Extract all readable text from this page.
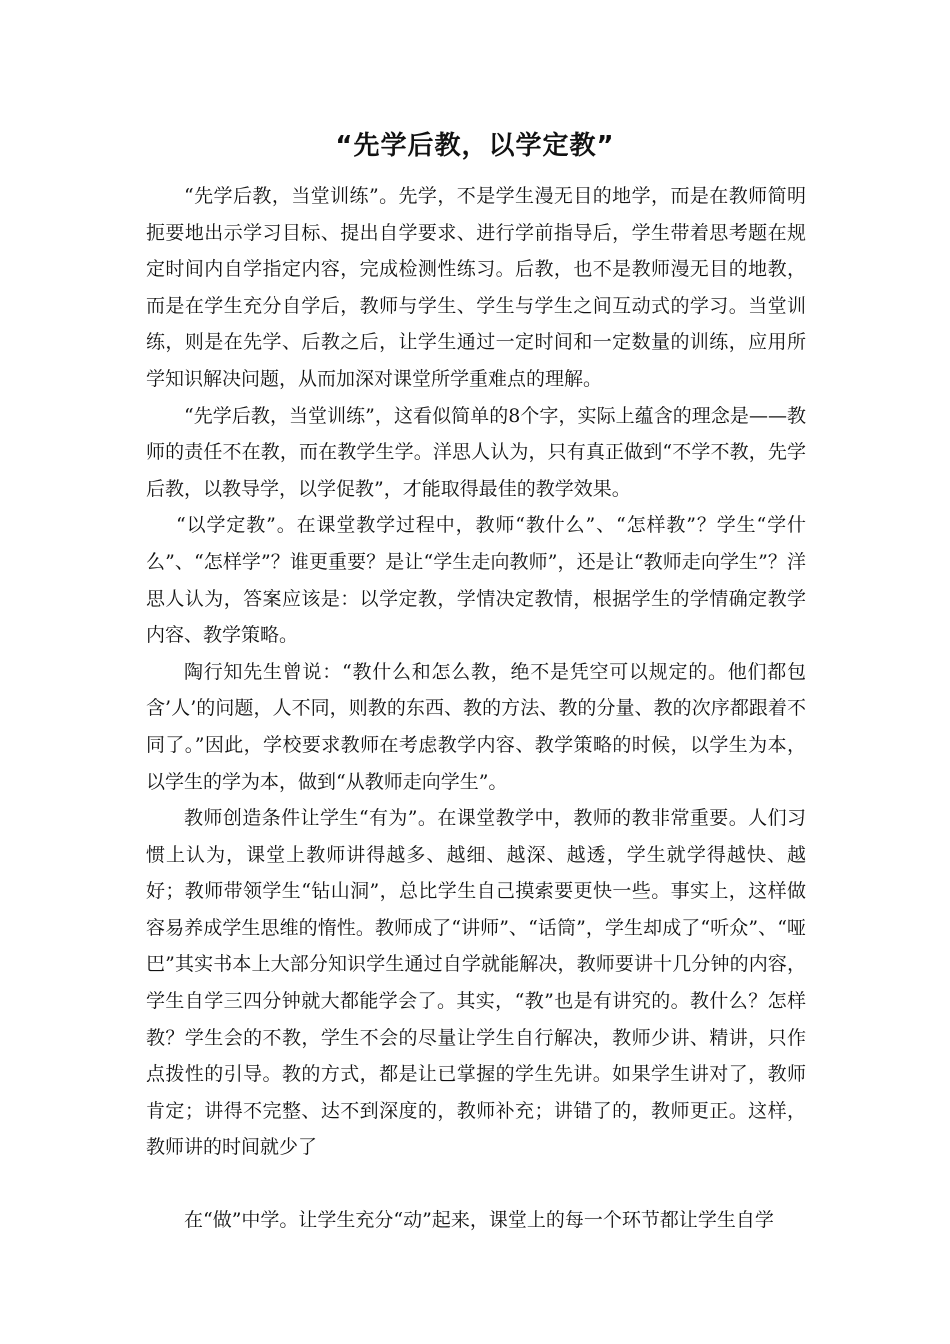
“先学后教，以学定教”

“先学后教，当堂训练”。先学，不是学生漫无目的地学，而是在教师简明扼要地出示学习目标、提出自学要求、进行学前指导后，学生带着思考题在规定时间内自学指定内容，完成检测性练习。后教，也不是教师漫无目的地教，而是在学生充分自学后，教师与学生、学生与学生之间互动式的学习。当堂训练，则是在先学、后教之后，让学生通过一定时间和一定数量的训练，应用所学知识解决问题，从而加深对课堂所学重难点的理解。

“先学后教，当堂训练”，这看似简单的8个字，实际上蕴含的理念是——教师的责任不在教，而在教学生学。洋思人认为，只有真正做到“不学不教，先学后教，以教导学，以学促教”，才能取得最佳的教学效果。

“以学定教”。在课堂教学过程中，教师“教什么”、“怎样教”？学生“学什么”、“怎样学”？谁更重要？是让“学生走向教师”，还是让“教师走向学生”？洋思人认为，答案应该是：以学定教，学情决定教情，根据学生的学情确定教学内容、教学策略。

陶行知先生曾说：“教什么和怎么教，绝不是凭空可以规定的。他们都包含’人’的问题，人不同，则教的东西、教的方法、教的分量、教的次序都跟着不同了。”因此，学校要求教师在考虑教学内容、教学策略的时候，以学生为本，以学生的学为本，做到“从教师走向学生”。

教师创造条件让学生“有为”。在课堂教学中，教师的教非常重要。人们习惯上认为，课堂上教师讲得越多、越细、越深、越透，学生就学得越快、越好；教师带领学生“钻山洞”，总比学生自己摸索要更快一些。事实上，这样做容易养成学生思维的惰性。教师成了“讲师”、“话筒”，学生却成了“听众”、“哑巴”其实书本上大部分知识学生通过自学就能解决，教师要讲十几分钟的内容，学生自学三四分钟就大都能学会了。其实，“教”也是有讲究的。教什么？怎样教？学生会的不教，学生不会的尽量让学生自行解决，教师少讲、精讲，只作点拨性的引导。教的方式，都是让已掌握的学生先讲。如果学生讲对了，教师肯定；讲得不完整、达不到深度的，教师补充；讲错了的，教师更正。这样，教师讲的时间就少了

在“做”中学。让学生充分“动”起来，课堂上的每一个环节都让学生自学
